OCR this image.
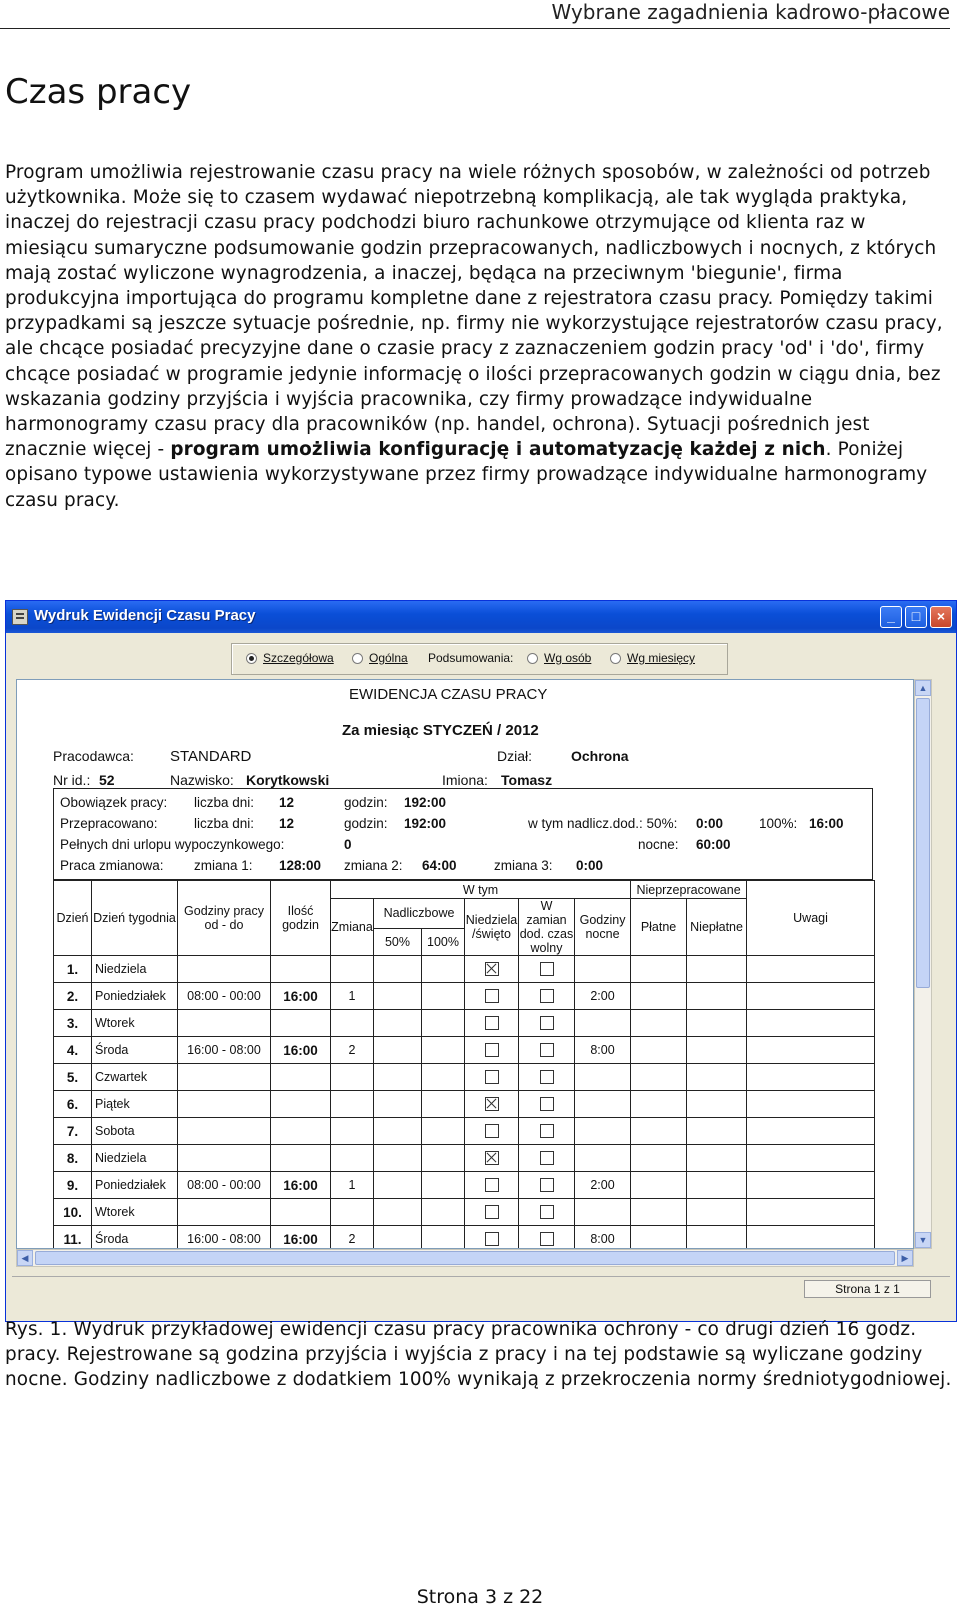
Wybrane zagadnienia kadrowo-płacowe
Czas pracy

Program umożliwia rejestrowanie czasu pracy na wiele różnych sposobów, w zależności od potrzeb użytkownika. Może się to czasem wydawać niepotrzebną komplikacją, ale tak wygląda praktyka, inaczej do rejestracji czasu pracy podchodzi biuro rachunkowe otrzymujące od klienta raz w miesiącu sumaryczne podsumowanie godzin przepracowanych, nadliczbowych i nocnych, z których mają zostać wyliczone wynagrodzenia, a inaczej, będąca na przeciwnym 'biegunie', firma produkcyjna importująca do programu kompletne dane z rejestratora czasu pracy. Pomiędzy takimi przypadkami są jeszcze sytuacje pośrednie, np. firmy nie wykorzystujące rejestratorów czasu pracy, ale chcące posiadać precyzyjne dane o czasie pracy z zaznaczeniem godzin pracy 'od' i 'do', firmy chcące posiadać w programie jedynie informację o ilości przepracowanych godzin w ciągu dnia, bez wskazania godziny przyjścia i wyjścia pracownika, czy firmy prowadzące indywidualne harmonogramy czasu pracy dla pracowników (np. handel, ochrona). Sytuacji pośrednich jest znacznie więcej - program umożliwia konfigurację i automatyzację każdej z nich. Poniżej opisano typowe ustawienia wykorzystywane przez firmy prowadzące indywidualne harmonogramy czasu pracy.

Wydruk Ewidencji Czasu Pracy	_	□	×
Szczegółowa	Ogólna Podsumowania:	Wg osób	Wg miesięcy
EWIDENCJA CZASU PRACY
Za miesiąc STYCZEŃ / 2012
Pracodawca: STANDARD	Dział:	Ochrona
Nr id.: 52	Nazwisko: Korytkowski	Imiona: Tomasz
Obowiązek pracy: liczba dni: 12	godzin: 192:00
Przepracowano:	liczba dni: 12	godzin: 192:00	w tym nadlicz.dod.: 50%: 0:00	100%: 16:00
Pełnych dni urlopu wypoczynkowego:	0	nocne: 60:00
Praca zmianowa: zmiana 1: 128:00 zmiana 2: 64:00	zmiana 3: 0:00
Dzień	Dzień tygodnia	Godziny pracy od - do	Ilość godzin	W tym						Nieprzepracowane		Uwagi
				Zmiana	Nadliczbowe		Niedziela /święto	W zamian dod. czas wolny	Godziny nocne	Płatne	Niepłatne	
					50%	100%						
1.	Niedziela											
2.	Poniedziałek	08:00 - 00:00	16:00	1					2:00			
3.	Wtorek											
4.	Środa	16:00 - 08:00	16:00	2					8:00			
5.	Czwartek											
6.	Piątek											
7.	Sobota											
8.	Niedziela											
9.	Poniedziałek	08:00 - 00:00	16:00	1					2:00			
10.	Wtorek											
11.	Środa	16:00 - 08:00	16:00	2					8:00			
▲
▼
◀	▶
Strona 1 z 1

Rys. 1. Wydruk przykładowej ewidencji czasu pracy pracownika ochrony - co drugi dzień 16 godz. pracy. Rejestrowane są godzina przyjścia i wyjścia z pracy i na tej podstawie są wyliczane godziny nocne. Godziny nadliczbowe z dodatkiem 100% wynikają z przekroczenia normy średniotygodniowej.

Strona 3 z 22
